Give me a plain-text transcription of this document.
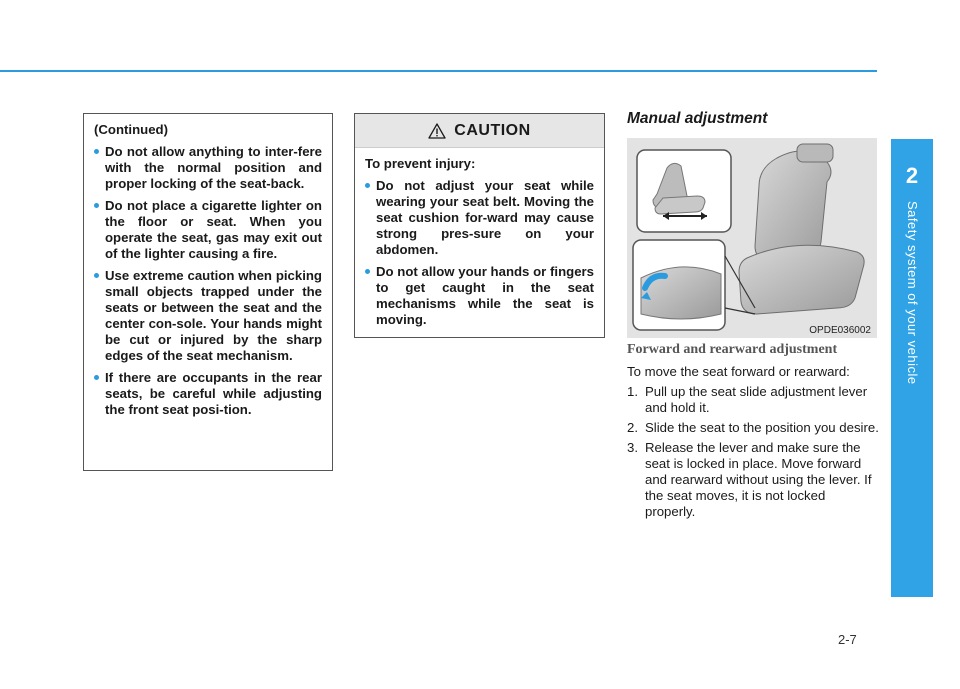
2
Safety system of your vehicle
2-7
(Continued)
Do not allow anything to inter-fere with the normal position and proper locking of the seat-back.
Do not place a cigarette lighter on the floor or seat. When you operate the seat, gas may exit out of the lighter causing a fire.
Use extreme caution when picking small objects trapped under the seats or between the seat and the center con-sole. Your hands might be cut or injured by the sharp edges of the seat mechanism.
If there are occupants in the rear seats, be careful while adjusting the front seat posi-tion.
CAUTION
To prevent injury:
Do not adjust your seat while wearing your seat belt. Moving the seat cushion for-ward may cause strong pres-sure on your abdomen.
Do not allow your hands or fingers to get caught in the seat mechanisms while the seat is moving.
Manual adjustment
OPDE036002
Forward and rearward adjustment

To move the seat forward or rearward:

1. Pull up the seat slide adjustment lever and hold it.
2. Slide the seat to the position you desire.
3. Release the lever and make sure the seat is locked in place. Move forward and rearward without using the lever. If the seat moves, it is not locked properly.
